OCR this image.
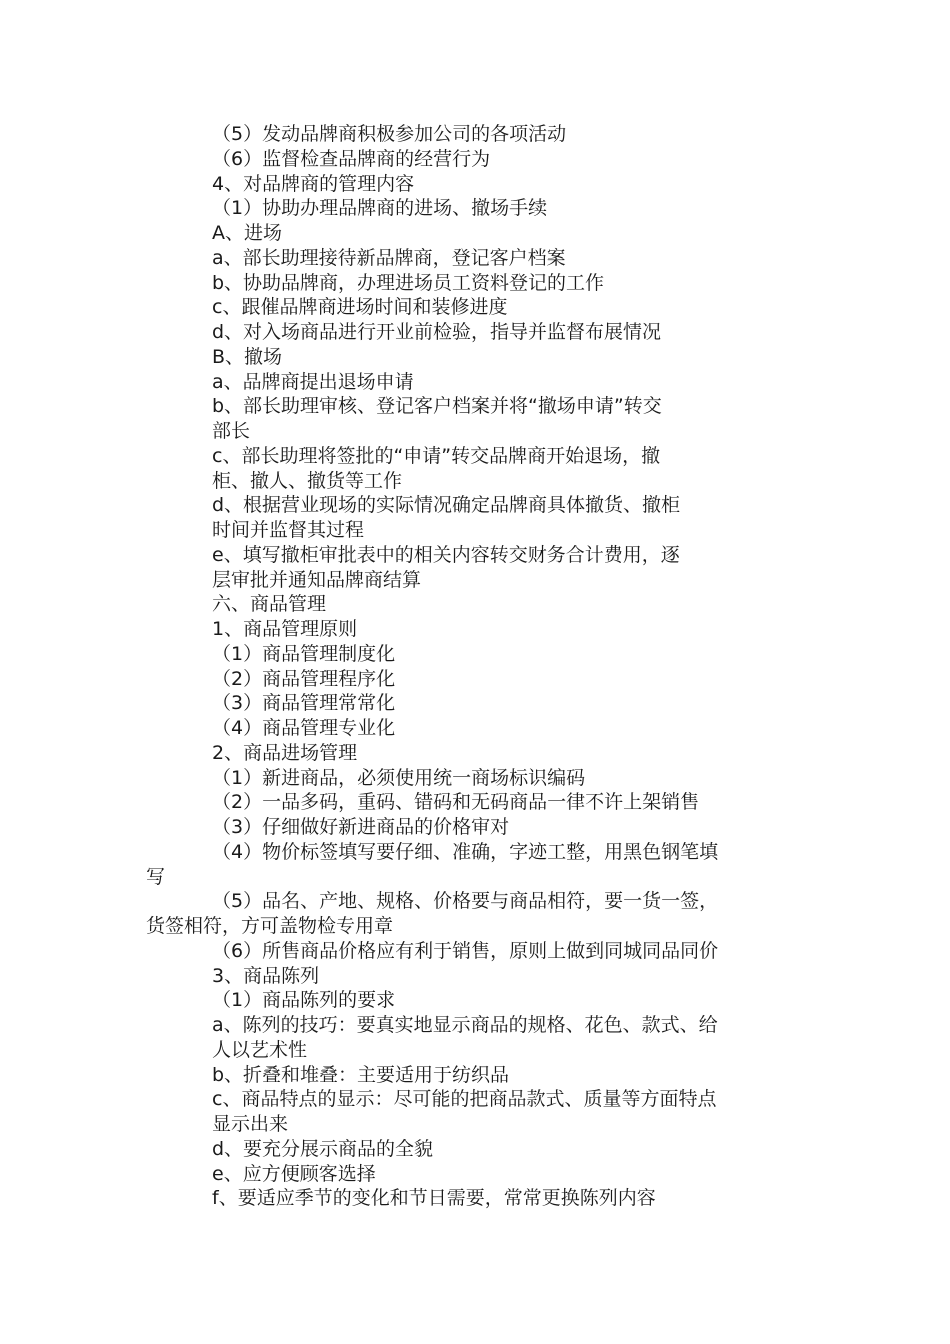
（5）发动品牌商积极参加公司的各项活动
（6）监督检查品牌商的经营行为
4、对品牌商的管理内容
（1）协助办理品牌商的进场、撤场手续
A、进场
a、部长助理接待新品牌商，登记客户档案
b、协助品牌商，办理进场员工资料登记的工作
c、跟催品牌商进场时间和装修进度
d、对入场商品进行开业前检验，指导并监督布展情况
B、撤场
a、品牌商提出退场申请
b、部长助理审核、登记客户档案并将“撤场申请”转交
部长
c、部长助理将签批的“申请”转交品牌商开始退场，撤
柜、撤人、撤货等工作
d、根据营业现场的实际情况确定品牌商具体撤货、撤柜
时间并监督其过程
e、填写撤柜审批表中的相关内容转交财务合计费用，逐
层审批并通知品牌商结算
六、商品管理
1、商品管理原则
（1）商品管理制度化
（2）商品管理程序化
（3）商品管理常常化
（4）商品管理专业化
2、商品进场管理
（1）新进商品，必须使用统一商场标识编码
（2）一品多码，重码、错码和无码商品一律不许上架销售
（3）仔细做好新进商品的价格审对
（4）物价标签填写要仔细、准确，字迹工整，用黑色钢笔填
写
（5）品名、产地、规格、价格要与商品相符，要一货一签，
货签相符，方可盖物检专用章
（6）所售商品价格应有利于销售，原则上做到同城同品同价
3、商品陈列
（1）商品陈列的要求
a、陈列的技巧：要真实地显示商品的规格、花色、款式、给
人以艺术性
b、折叠和堆叠：主要适用于纺织品
c、商品特点的显示：尽可能的把商品款式、质量等方面特点
显示出来
d、要充分展示商品的全貌
e、应方便顾客选择
f、要适应季节的变化和节日需要，常常更换陈列内容
